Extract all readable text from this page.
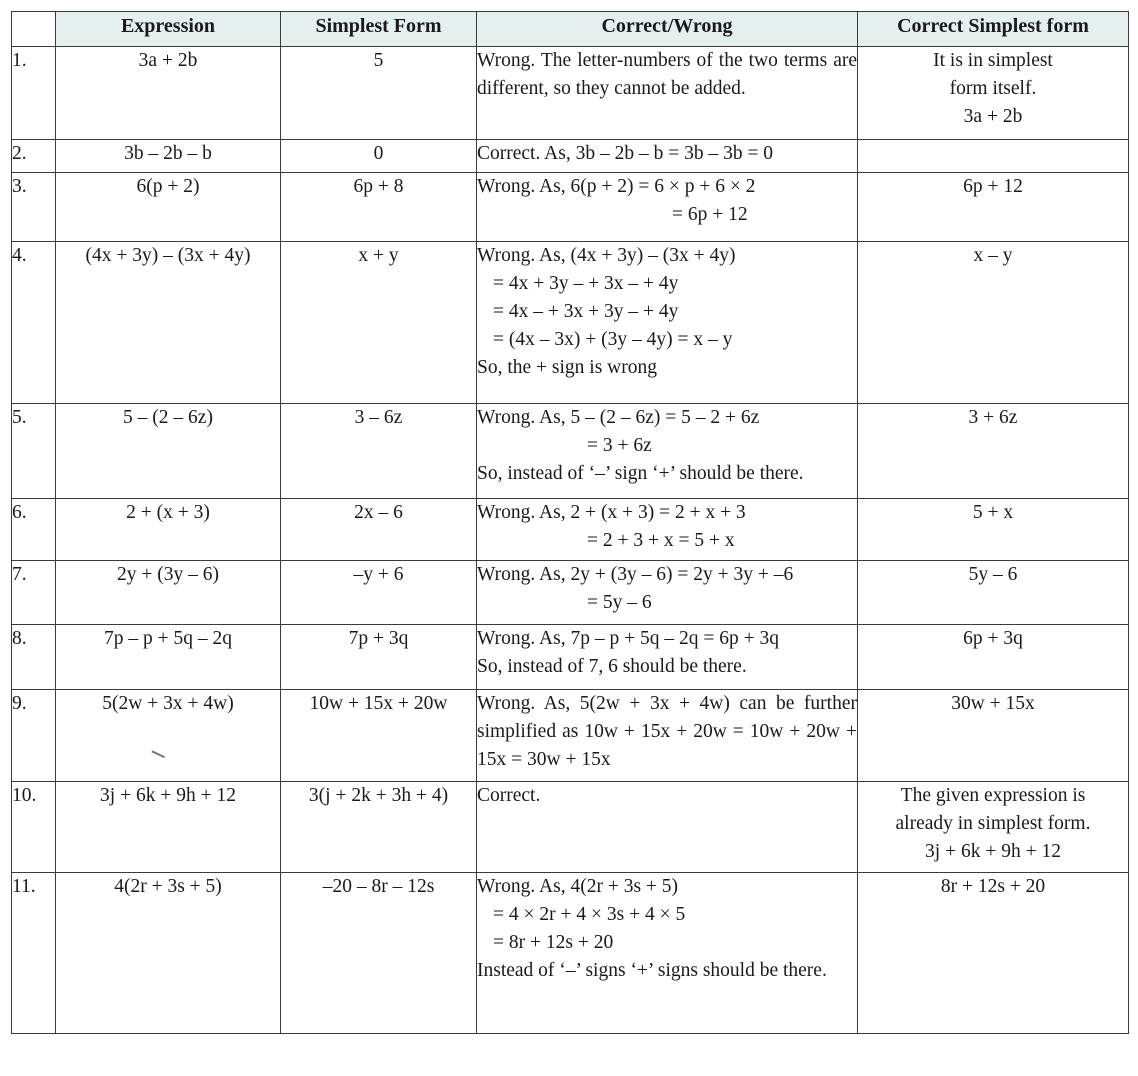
	Expression	Simplest Form	Correct/Wrong	Correct Simplest form
1.	3a + 2b	5	Wrong. The letter-numbers of the two terms are different, so they cannot be added.	It is in simplest
form itself.
3a + 2b

2.	3b – 2b – b	0	Correct. As, 3b – 2b – b = 3b – 3b = 0	

3.	6(p + 2)	6p + 8	Wrong. As, 6(p + 2) = 6 × p + 6 × 2
= 6p + 12	6p + 12

4.	(4x + 3y) – (3x + 4y)	x + y	Wrong. As, (4x + 3y) – (3x + 4y)
= 4x + 3y – + 3x – + 4y
= 4x – + 3x + 3y – + 4y
= (4x – 3x) + (3y – 4y) = x – y
So, the + sign is wrong	x – y

5.	5 – (2 – 6z)	3 – 6z	Wrong. As, 5 – (2 – 6z) = 5 – 2 + 6z
= 3 + 6z
So, instead of ‘–’ sign ‘+’ should be there.	3 + 6z

6.	2 + (x + 3)	2x – 6	Wrong. As, 2 + (x + 3) = 2 + x + 3
= 2 + 3 + x = 5 + x	5 + x

7.	2y + (3y – 6)	–y + 6	Wrong. As, 2y + (3y – 6) = 2y + 3y + –6
= 5y – 6	5y – 6

8.	7p – p + 5q – 2q	7p + 3q	Wrong. As, 7p – p + 5q – 2q = 6p + 3q
So, instead of 7, 6 should be there.	6p + 3q

9.	5(2w + 3x + 4w)	10w + 15x + 20w	Wrong. As, 5(2w + 3x + 4w) can be further simplified as 10w + 15x + 20w = 10w + 20w + 15x = 30w + 15x	30w + 15x

10.	3j + 6k + 9h + 12	3(j + 2k + 3h + 4)	Correct.	The given expression is
already in simplest form.
3j + 6k + 9h + 12

11.	4(2r + 3s + 5)	–20 – 8r – 12s	Wrong. As, 4(2r + 3s + 5)
= 4 × 2r + 4 × 3s + 4 × 5
= 8r + 12s + 20
Instead of ‘–’ signs ‘+’ signs should be there.	8r + 12s + 20
